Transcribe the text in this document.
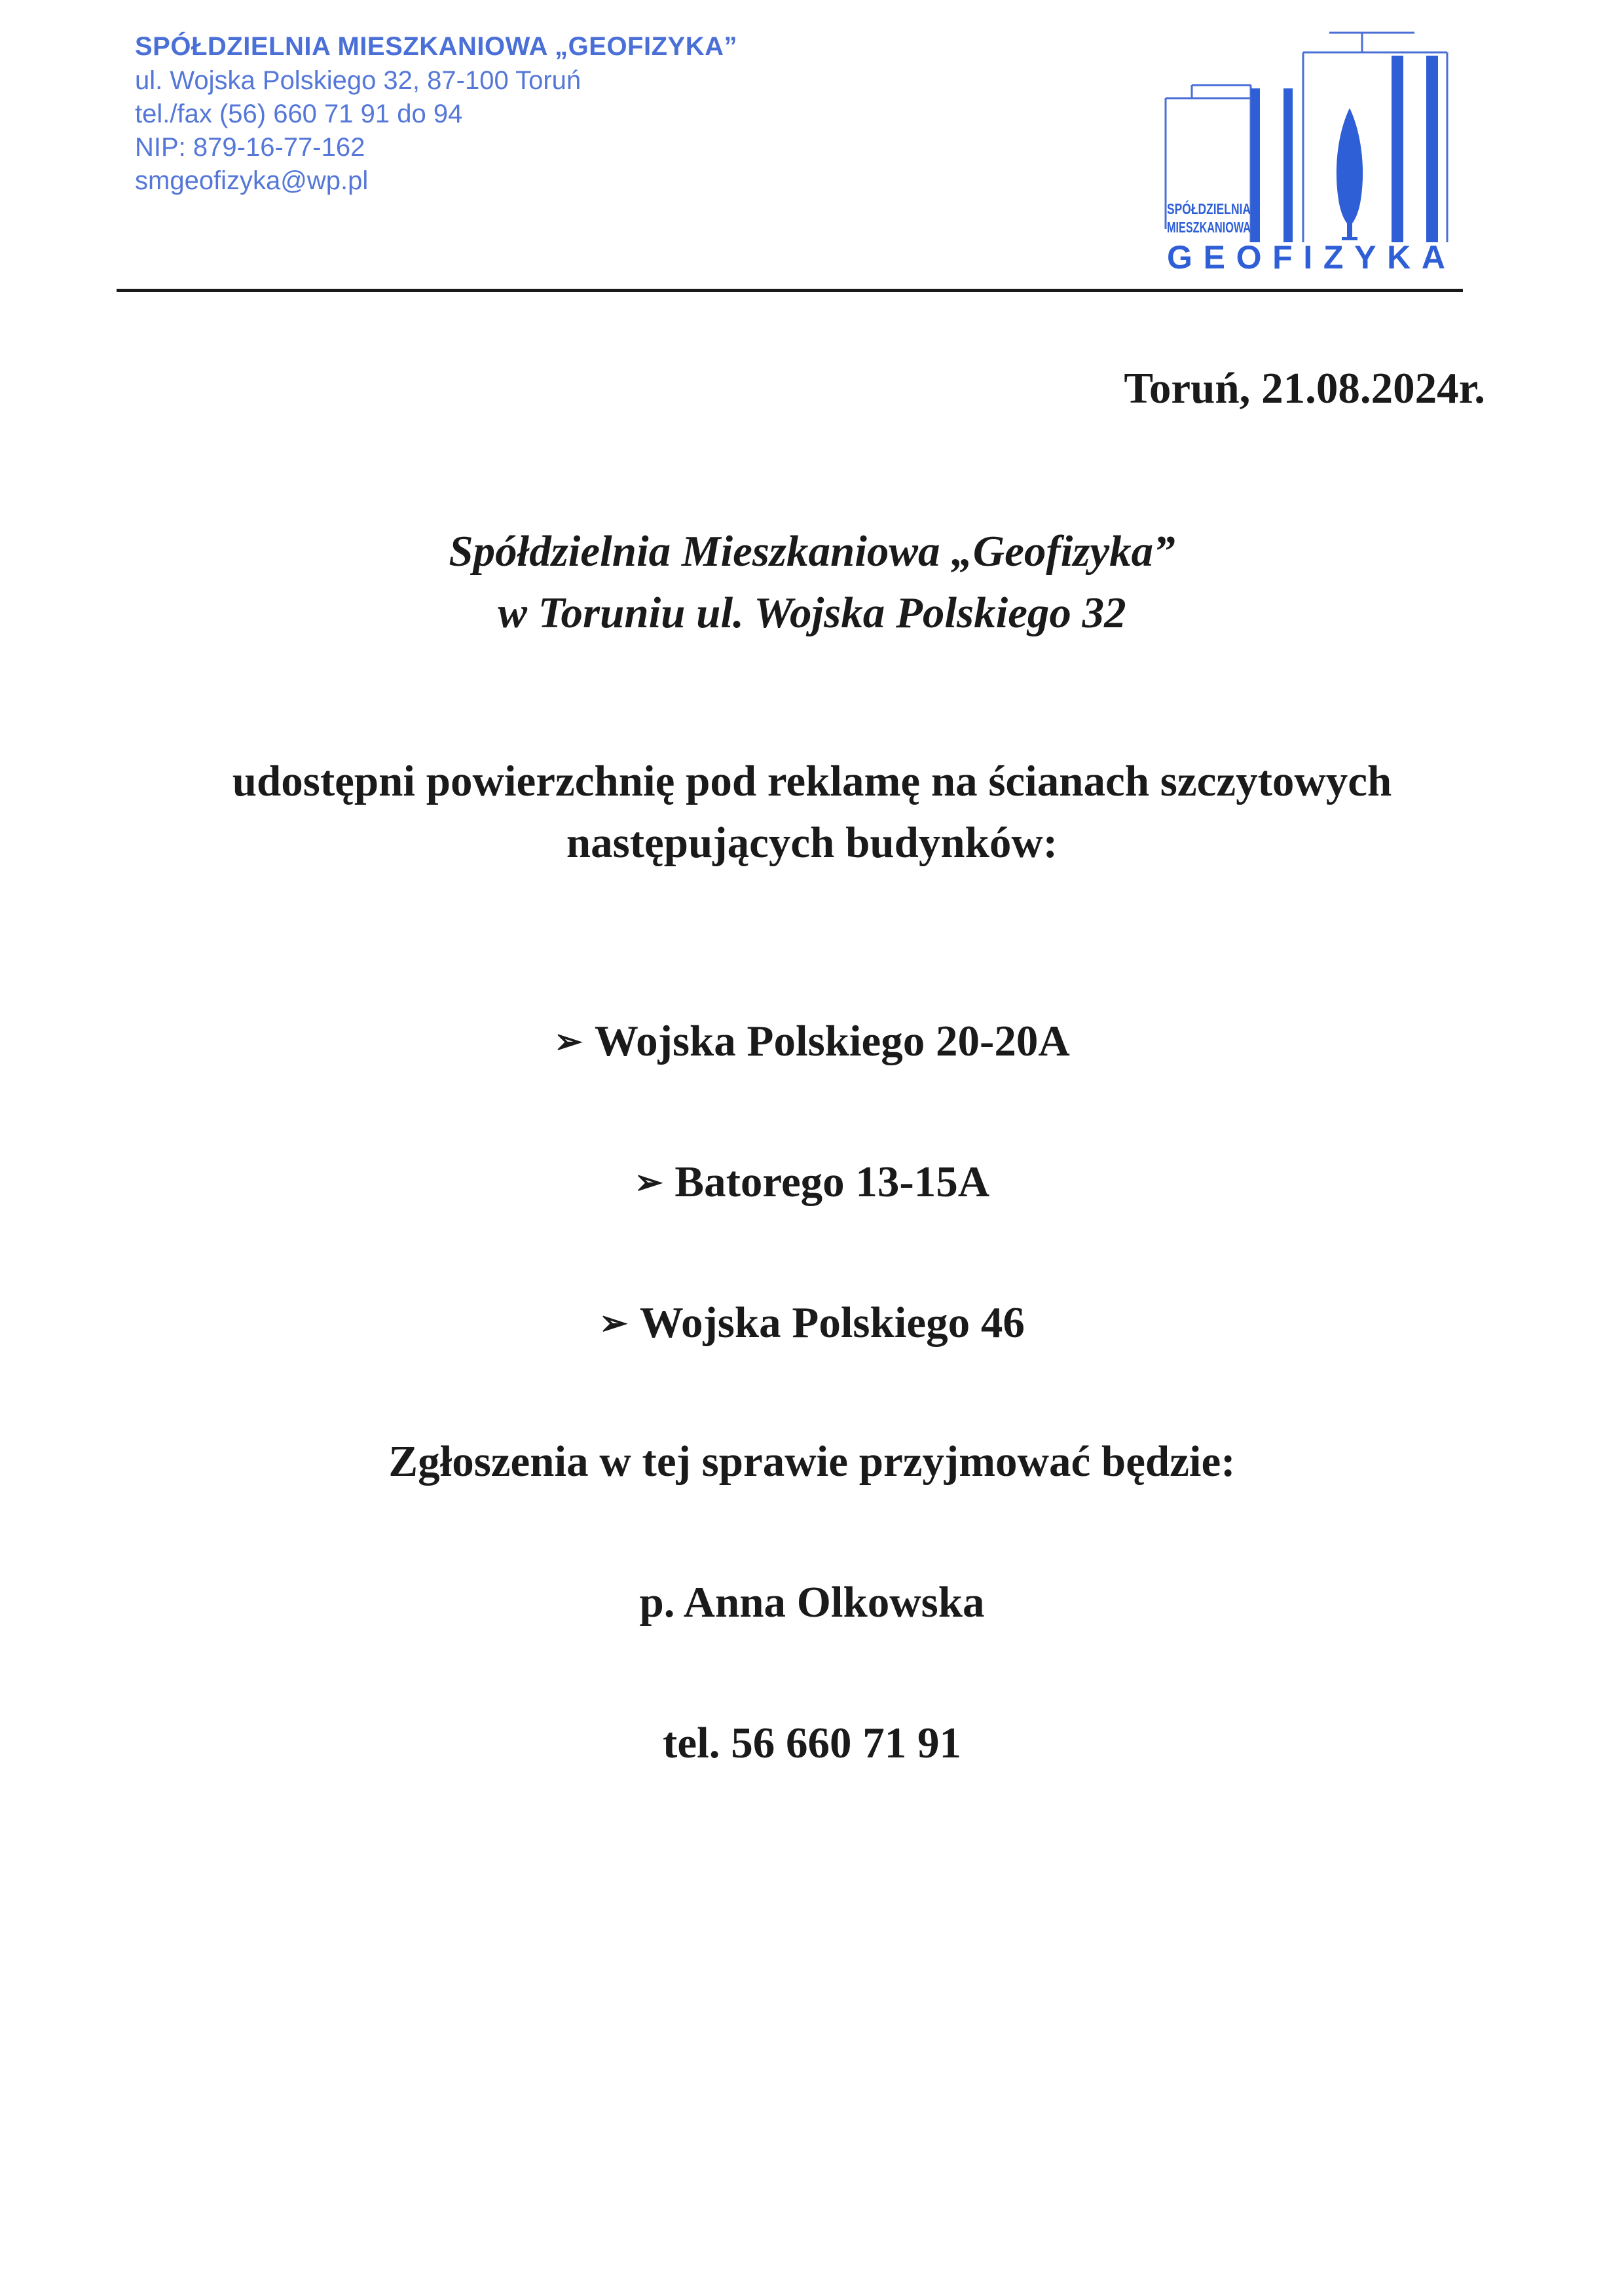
SPÓŁDZIELNIA MIESZKANIOWA „GEOFIZYKA”
ul. Wojska Polskiego 32, 87-100 Toruń
tel./fax (56) 660 71 91 do 94
NIP: 879-16-77-162
smgeofizyka@wp.pl
SPÓŁDZIELNIA
MIESZKANIOWA
GEOFIZYKA
Toruń, 21.08.2024r.
Spółdzielnia Mieszkaniowa „Geofizyka”
w Toruniu ul. Wojska Polskiego 32
udostępni powierzchnię pod reklamę na ścianach szczytowych
następujących budynków:
➢ Wojska Polskiego 20-20A
➢ Batorego 13-15A
➢ Wojska Polskiego 46
Zgłoszenia w tej sprawie przyjmować będzie:
p. Anna Olkowska
tel. 56 660 71 91
